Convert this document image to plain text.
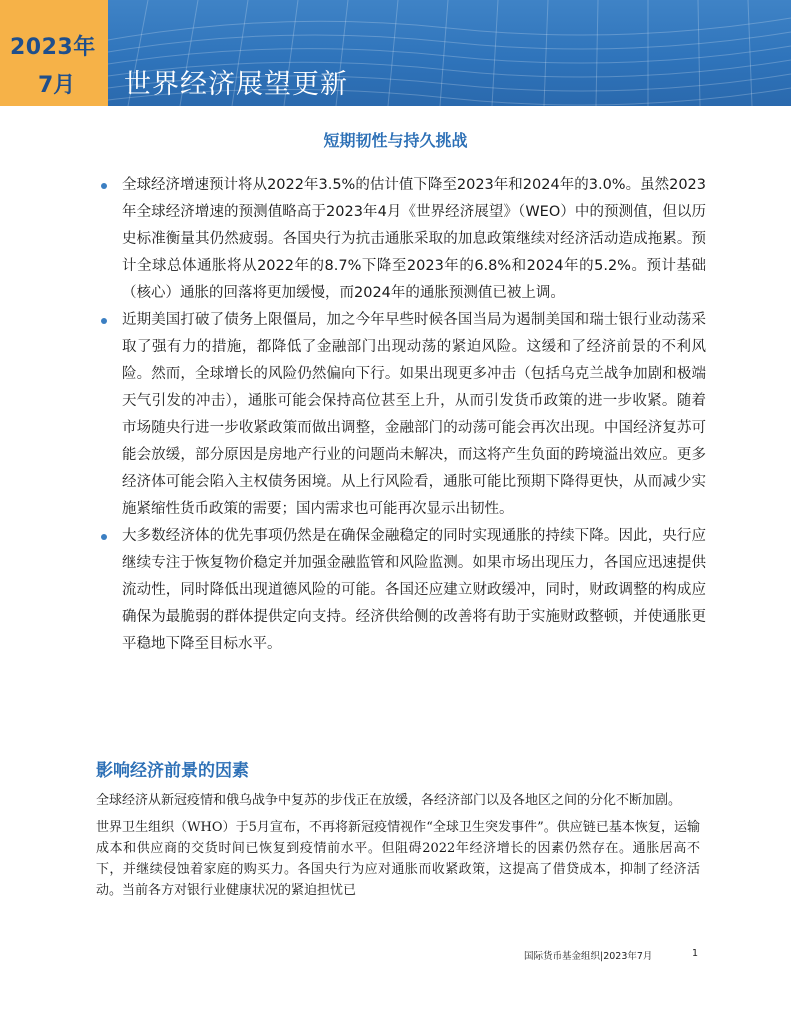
2023年
7月 世界经济展望更新
短期韧性与持久挑战
全球经济增速预计将从2022年3.5%的估计值下降至2023年和2024年的3.0%。虽然2023年全球经济增速的预测值略高于2023年4月《世界经济展望》（WEO）中的预测值，但以历史标准衡量其仍然疲弱。各国央行为抗击通胀采取的加息政策继续对经济活动造成拖累。预计全球总体通胀将从2022年的8.7%下降至2023年的6.8%和2024年的5.2%。预计基础（核心）通胀的回落将更加缓慢，而2024年的通胀预测值已被上调。
近期美国打破了债务上限僵局，加之今年早些时候各国当局为遏制美国和瑞士银行业动荡采取了强有力的措施，都降低了金融部门出现动荡的紧迫风险。这缓和了经济前景的不利风险。然而，全球增长的风险仍然偏向下行。如果出现更多冲击（包括乌克兰战争加剧和极端天气引发的冲击），通胀可能会保持高位甚至上升，从而引发货币政策的进一步收紧。随着市场随央行进一步收紧政策而做出调整，金融部门的动荡可能会再次出现。中国经济复苏可能会放缓，部分原因是房地产行业的问题尚未解决，而这将产生负面的跨境溢出效应。更多经济体可能会陷入主权债务困境。从上行风险看，通胀可能比预期下降得更快，从而减少实施紧缩性货币政策的需要；国内需求也可能再次显示出韧性。
大多数经济体的优先事项仍然是在确保金融稳定的同时实现通胀的持续下降。因此，央行应继续专注于恢复物价稳定并加强金融监管和风险监测。如果市场出现压力，各国应迅速提供流动性，同时降低出现道德风险的可能。各国还应建立财政缓冲，同时，财政调整的构成应确保为最脆弱的群体提供定向支持。经济供给侧的改善将有助于实施财政整顿，并使通胀更平稳地下降至目标水平。
影响经济前景的因素

全球经济从新冠疫情和俄乌战争中复苏的步伐正在放缓，各经济部门以及各地区之间的分化不断加剧。

世界卫生组织（WHO）于5月宣布，不再将新冠疫情视作“全球卫生突发事件”。供应链已基本恢复，运输成本和供应商的交货时间已恢复到疫情前水平。但阻碍2022年经济增长的因素仍然存在。通胀居高不下，并继续侵蚀着家庭的购买力。各国央行为应对通胀而收紧政策，这提高了借贷成本，抑制了经济活动。当前各方对银行业健康状况的紧迫担忧已

国际货币基金组织|2023年7月	1
